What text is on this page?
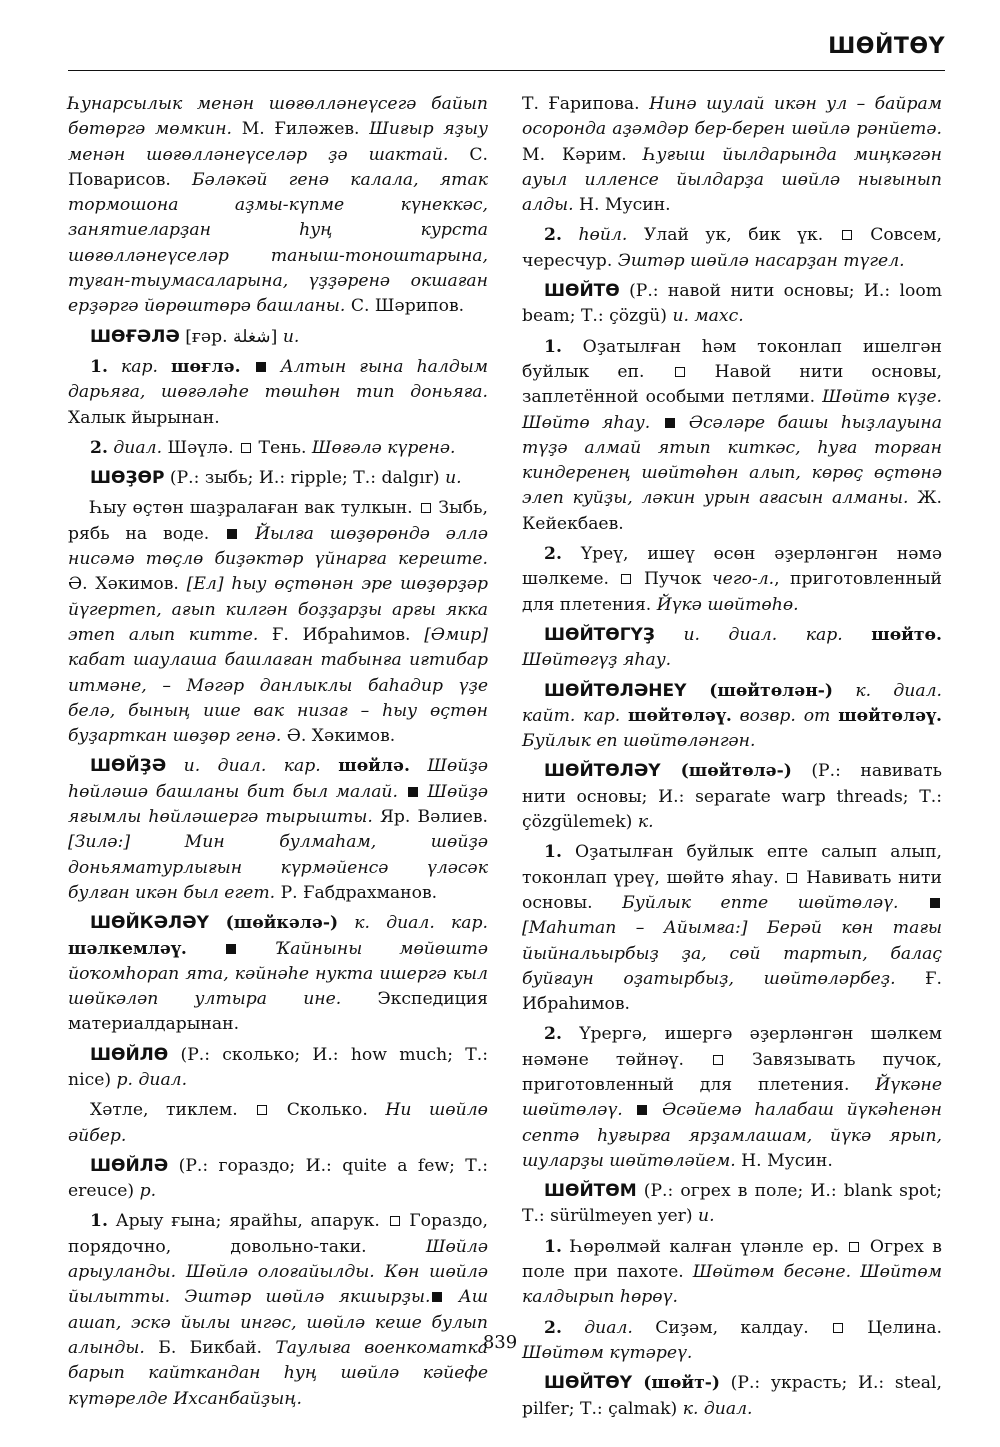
ШӨЙТӨҮ

Һунарсылык менән шөғөлләнеүсегә байып бөтөргә мөмкин. М. Ғиләжев. Шиғыр яҙыу менән шөғөлләнеүселәр ҙә шактай. С. Поварисов. Бәләкәй генә калала, ятак тормошона аҙмы-күпме күнеккәс, занятиеларҙан һуң курста шөғөлләнеүселәр таныш-тоноштарына, туған-тыумасаларына, үҙҙәренә окшаған ерҙәргә йөрөштөрә башланы. С. Шәрипов.

ШӨҒӘЛӘ [ғәр. شغلة] и.

1. кар. шөғлә.  Алтын ғына һалдым дарьяға, шөғәләһе төшһөн тип доньяға. Халык йырынан.

2. диал. Шәүлә.  Тень. Шөғәлә күренә.

ШӨҘӨР (Р.: зыбь; И.: ripple; Т.: dalgır) и.

Һыу өҫтөн шаҙралаған вак тулкын.  Зыбь, рябь на воде.  Йылға шөҙөрөндә әллә нисәмә төҫлө биҙәктәр үйнарға кереште. Ә. Хәкимов. [Ел] һыу өҫтөнән эре шөҙөрҙәр йүгертеп, ағып килгән боҙҙарҙы арғы якка этеп алып китте. Ғ. Ибраһимов. [Әмир] кабат шаулаша башлаған табынға иғтибар итмәне, – Мәгәр данлыклы баһадир үҙе белә, бының ише вак низағ – һыу өҫтөн буҙарткан шөҙөр генә. Ә. Хәкимов.

ШӨЙҘӘ и. диал. кар. шөйлә. Шөйҙә һөйләшә башланы бит был малай.  Шөйҙә яғымлы һөйләшергә тырышты. Яр. Вәлиев. [Зилә:] Мин булмаһам, шөйҙә доньяматурлығын күрмәйенсә үләсәк булған икән был егет. Р. Ғабдрахманов.

ШӨЙКӘЛӘҮ (шөйкәлә-) к. диал. кар. шәлкемләү.	Ҡайныны мөйөштә йоҡомһорап ята, кәйнәһе нукта ишергә кыл шөйкәләп ултыра ине. Экспедиция материалдарынан.

ШӨЙЛӨ (Р.: сколько; И.: how much; Т.: nice) р. диал.

Хәтле, тиклем.  Сколько. Ни шөйлө әйбер.

ШӨЙЛӘ (Р.: гораздо; И.: quite a few; Т.: ereuce) р.

1. Арыу ғына; ярайһы, апарук.  Гораздо, порядочно, довольно-таки. Шөйлә арыуланды. Шөйлә олоғайылды. Көн шөйлә йылытты. Эштәр шөйлә якшырҙы. Аш ашап, эскә йылы ингәс, шөйлә кеше булып алынды. Б. Бикбай. Таулыға военкоматка барып кайткандан һуң шөйлә кәйефе күтәрелде Ихсанбайҙың.

Т. Ғарипова. Нинә шулай икән ул – байрам осоронда аҙәмдәр бер-берен шөйлә рәнйетә. М. Кәрим. Һуғыш йылдарында миңкәгән ауыл илленсе йылдарҙа шөйлә нығынып алды. Н. Мусин.

2. һөйл. Улай ук, бик үк.  Совсем, чересчур. Эштәр шөйлә насарҙан түгел.

ШӨЙТӨ (Р.: навой нити основы; И.: loom beam; Т.: çözgü) и. махс.

1. Оҙатылған һәм токонлап ишелгән буйлык еп.  Навой нити основы, заплетённой особыми петлями. Шөйтө күҙе. Шөйтө яһау.  Әсәләре башы һыҙлауына түҙә алмай ятып киткәс, һуға торған киндеренең шөйтөһөн алып, көрөҫ өҫтөнә элеп куйҙы, ләкин урын ағасын алманы. Ж. Кейекбаев.

2. Үреү, ишеү өсөн әҙерләнгән нәмә шәлкеме.  Пучок чего-л., приготовленный для плетения. Йүкә шөйтөһө.

ШӨЙТӨГҮҘ и. диал. кар. шөйтө. Шөйтөгүҙ яһау.

ШӨЙТӨЛӘНЕҮ (шөйтөлән-) к. диал. кайт. кар. шөйтөләү. возвр. от шөйтөләү. Буйлык еп шөйтөләнгән.

ШӨЙТӨЛӘҮ (шөйтөлә-) (Р.: навивать нити основы; И.: separate warp threads; Т.: çözgülemek) к.

1. Оҙатылған буйлык епте салып алып, токонлап үреү, шөйтө яһау.  Навивать нити основы. Буйлык епте шөйтөләү.  [Маһитап – Айымға:] Берәй көн тағы йыйнальырбыҙ ҙа, сөй тартып, балаҫ буйғаун оҙатырбыҙ, шөйтөләрбеҙ. Ғ. Ибраһимов.

2. Үрергә, ишергә әҙерләнгән шәлкем нәмәне төйнәү.  Завязывать пучок, приготовленный для плетения. Йүкәне шөйтөләү.  Әсәйемә һалабаш йүкәһенән септә һуғырға ярҙамлашам, йүкә ярып, шуларҙы шөйтөләйем. Н. Мусин.

ШӨЙТӨМ (Р.: огрех в поле; И.: blank spot; Т.: sürülmeyen yer) и.

1. Һөрөлмәй калған үләнле ер.  Огрех в поле при пахоте. Шөйтөм бесәне. Шөйтөм калдырып һөрөү.

2. диал. Сиҙәм, калдау.  Целина. Шөйтөм күтәреү.

ШӨЙТӨҮ (шөйт-) (Р.: украсть; И.: steal, pilfer; Т.: çalmak) к. диал.

839
